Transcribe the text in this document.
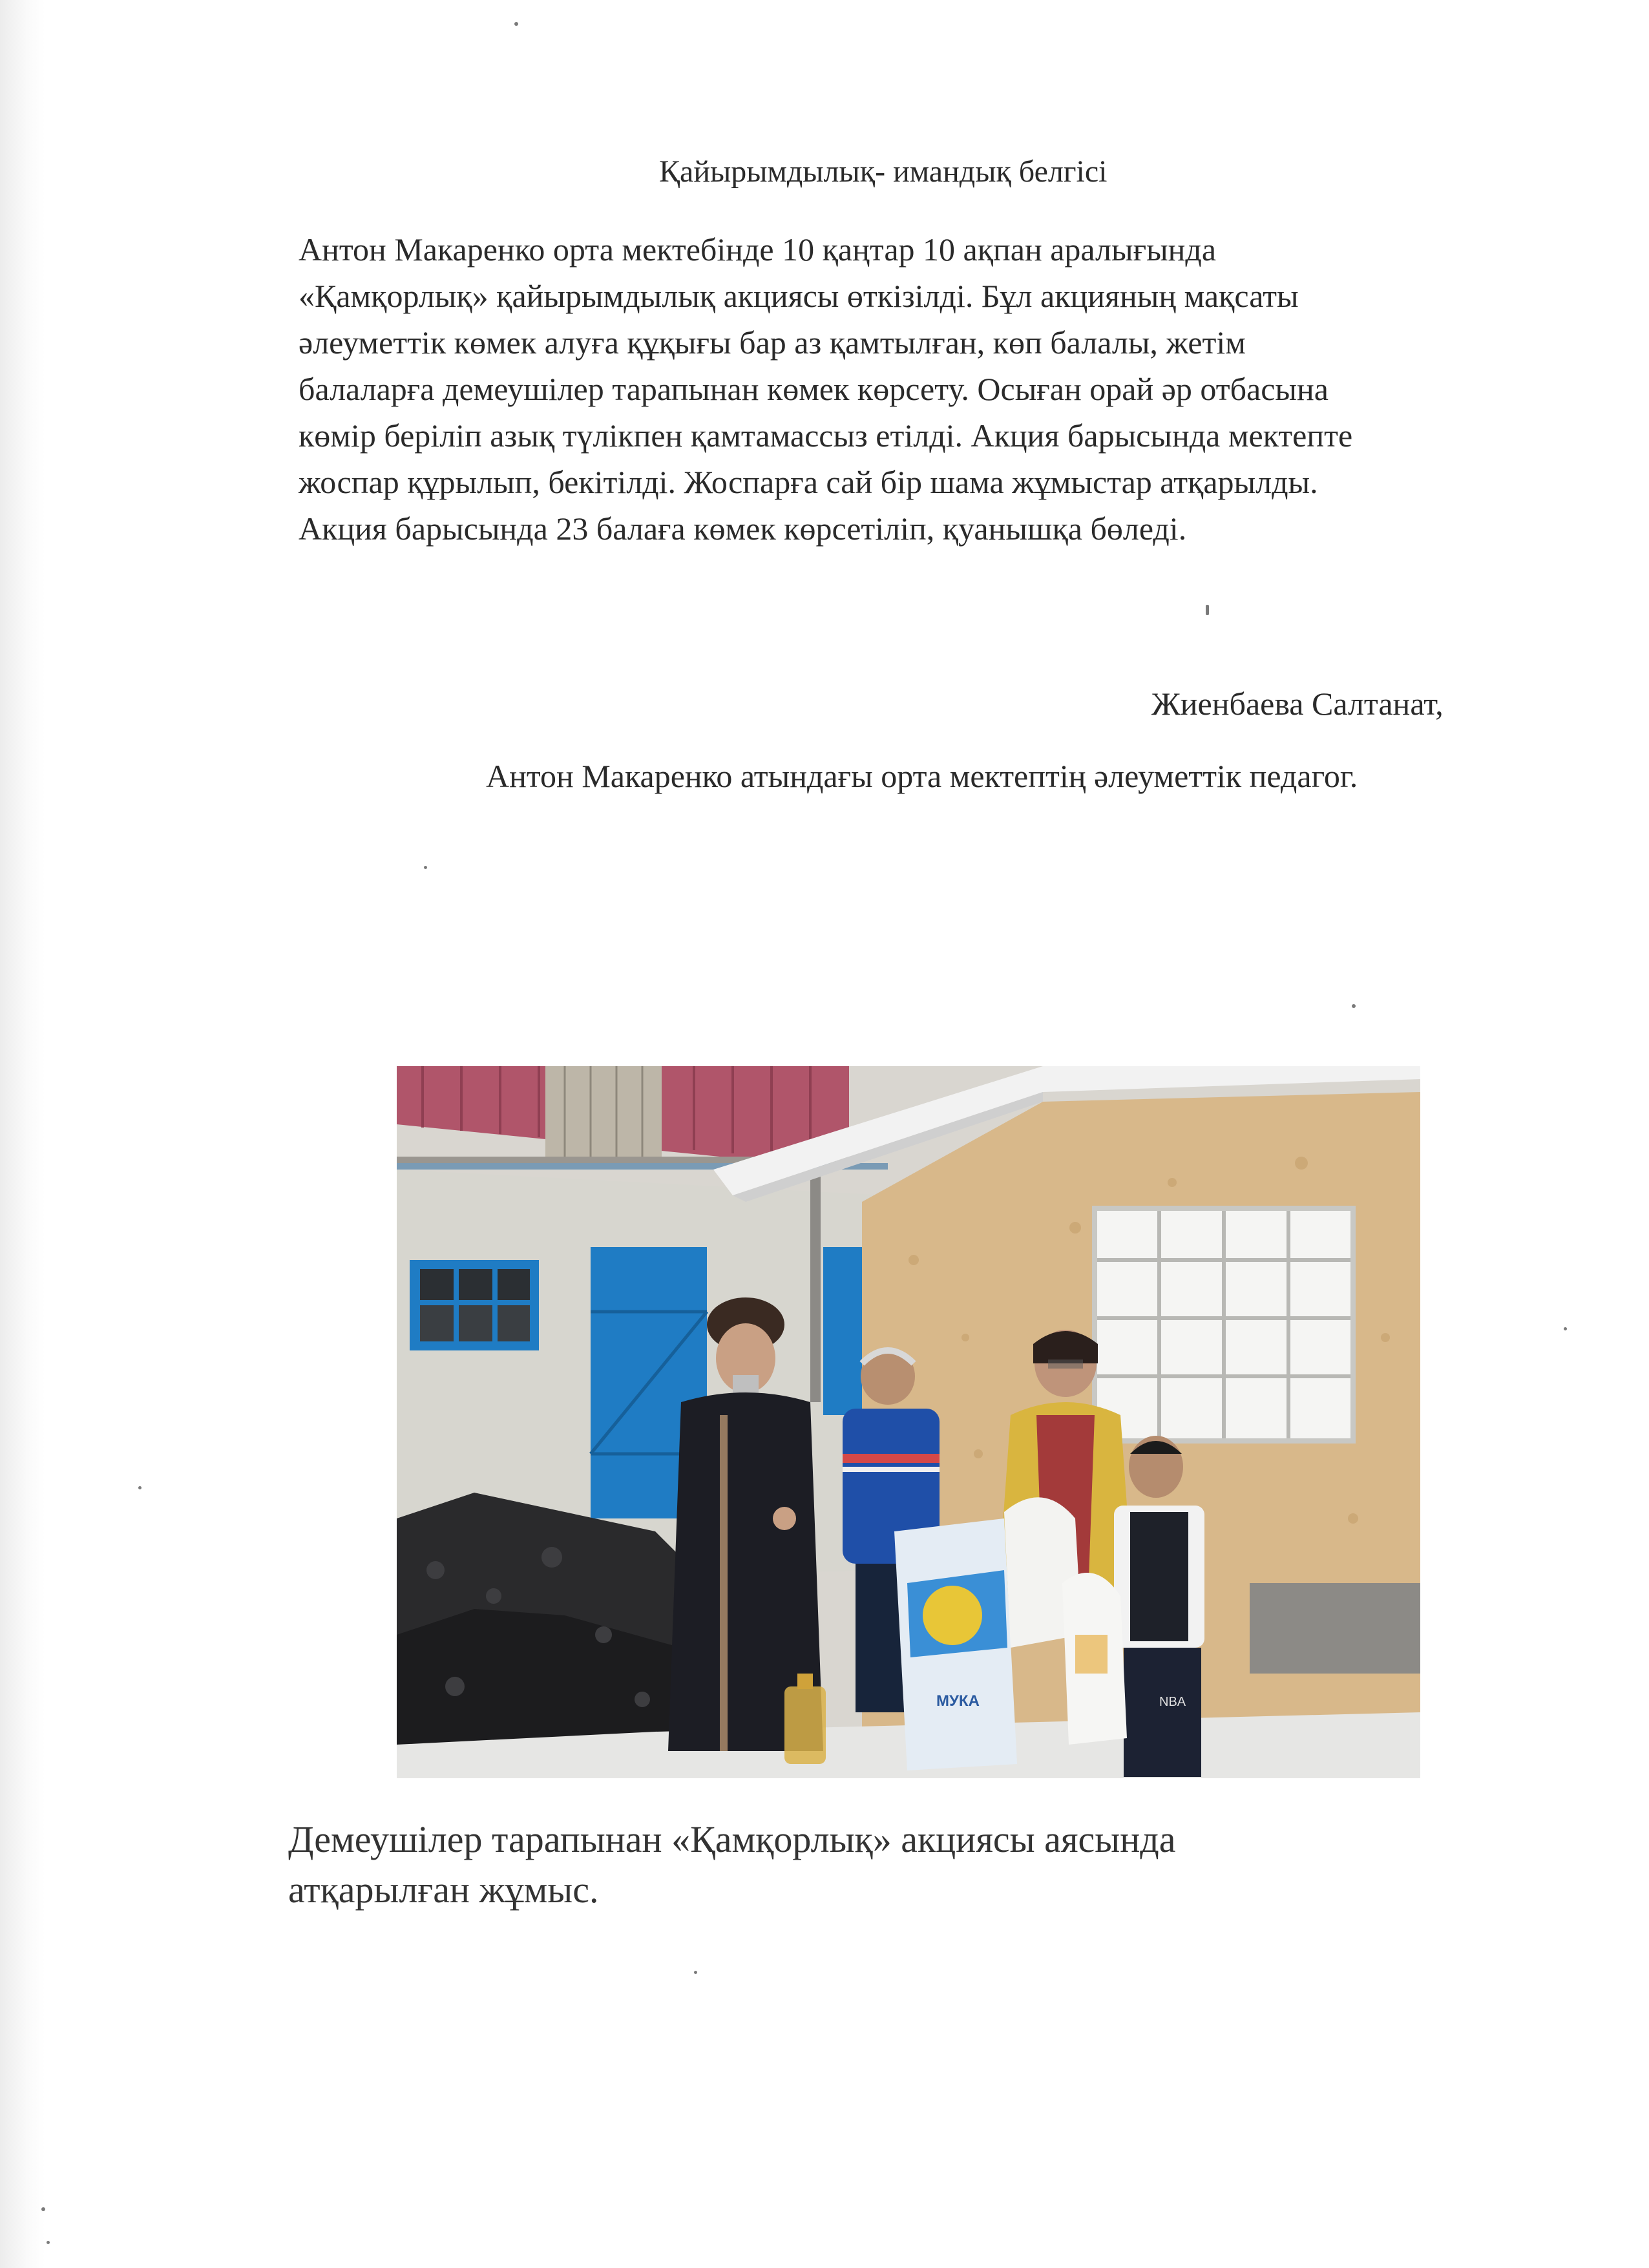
Қайырымдылық- имандық белгісі
Антон Макаренко орта мектебінде 10 қаңтар 10 ақпан аралығында
«Қамқорлық» қайырымдылық акциясы өткізілді. Бұл акцияның мақсаты
әлеуметтік көмек алуға құқығы бар аз қамтылған, көп балалы, жетім
балаларға демеушілер тарапынан көмек көрсету. Осыған орай әр отбасына
көмір беріліп азық түлікпен қамтамассыз етілді. Акция барысында мектепте
жоспар құрылып, бекітілді. Жоспарға сай бір шама жұмыстар атқарылды.
Акция барысында 23 балаға көмек көрсетіліп, қуанышқа бөледі.
Жиенбаева Салтанат,
Антон Макаренко атындағы орта мектептің әлеуметтік педагог.
NBA
МУКА
Демеушілер тарапынан «Қамқорлық» акциясы аясында
атқарылған жұмыс.
